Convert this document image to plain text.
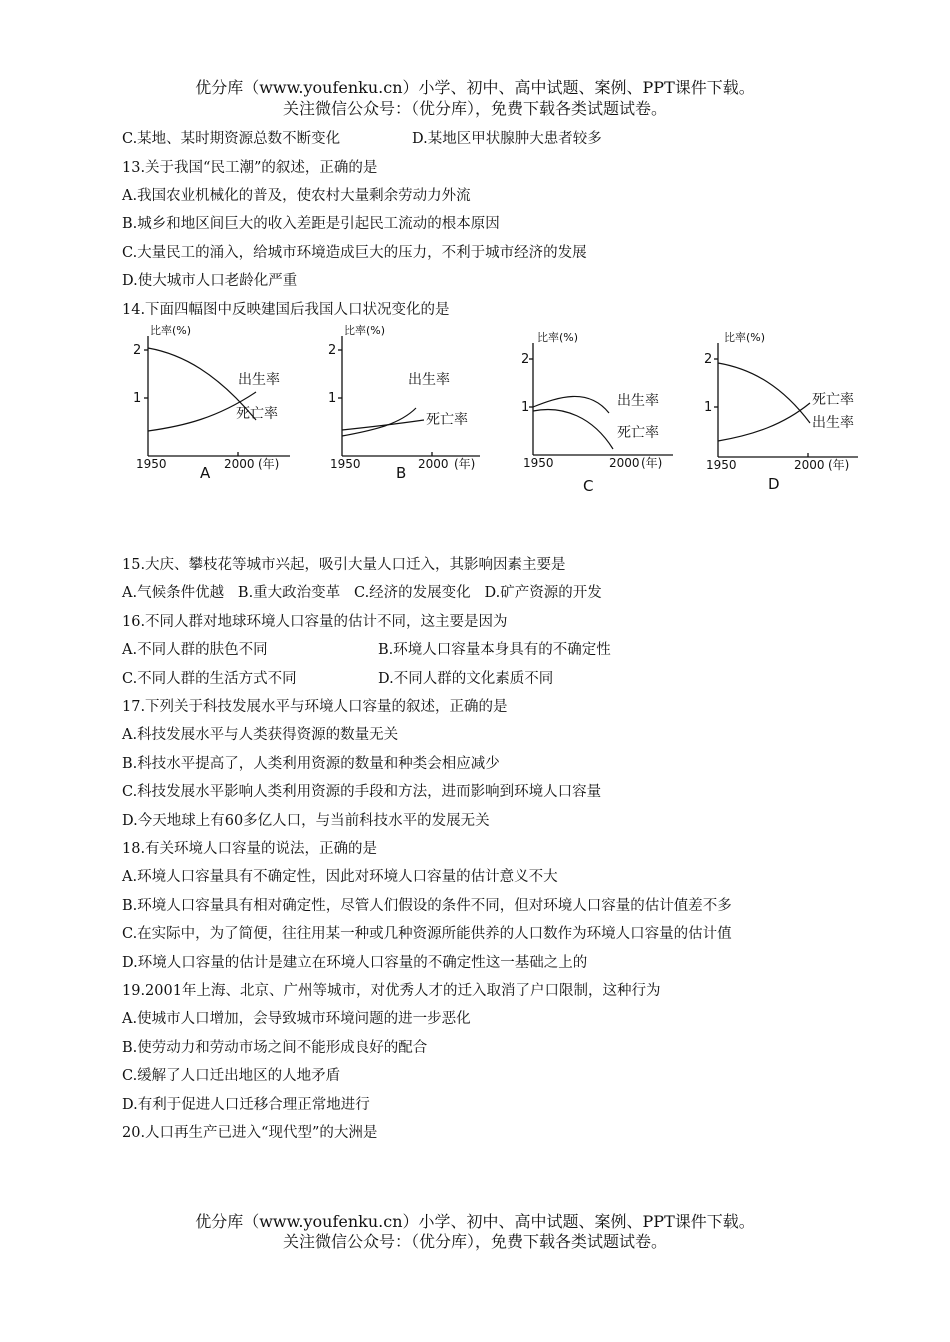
优分库（www.youfenku.cn）小学、初中、高中试题、案例、PPT课件下载。
关注微信公众号：（优分库），免费下载各类试题试卷。
C.某地、某时期资源总数不断变化	D.某地区甲状腺肿大患者较多
13.关于我国“民工潮”的叙述，正确的是
A.我国农业机械化的普及，使农村大量剩余劳动力外流
B.城乡和地区间巨大的收入差距是引起民工流动的根本原因
C.大量民工的涌入，给城市环境造成巨大的压力，不利于城市经济的发展
D.使大城市人口老龄化严重
14.下面四幅图中反映建国后我国人口状况变化的是
比率(%)
2
1
1950	2000 (年)
出生率
死亡率
A
比率(%)
2
1
1950	2000 (年)
出生率
死亡率
B
比率(%)
2
1
1950	2000 (年)
出生率
死亡率
C
比率(%)
2
1
1950	2000 (年)
死亡率
出生率
D
15.大庆、攀枝花等城市兴起，吸引大量人口迁入，其影响因素主要是
A.气候条件优越   B.重大政治变革   C.经济的发展变化   D.矿产资源的开发
16.不同人群对地球环境人口容量的估计不同，这主要是因为
A.不同人群的肤色不同	B.环境人口容量本身具有的不确定性
C.不同人群的生活方式不同	D.不同人群的文化素质不同
17.下列关于科技发展水平与环境人口容量的叙述，正确的是
A.科技发展水平与人类获得资源的数量无关
B.科技水平提高了，人类利用资源的数量和种类会相应减少
C.科技发展水平影响人类利用资源的手段和方法，进而影响到环境人口容量
D.今天地球上有60多亿人口，与当前科技水平的发展无关
18.有关环境人口容量的说法，正确的是
A.环境人口容量具有不确定性，因此对环境人口容量的估计意义不大
B.环境人口容量具有相对确定性，尽管人们假设的条件不同，但对环境人口容量的估计值差不多
C.在实际中，为了简便，往往用某一种或几种资源所能供养的人口数作为环境人口容量的估计值
D.环境人口容量的估计是建立在环境人口容量的不确定性这一基础之上的
19.2001年上海、北京、广州等城市，对优秀人才的迁入取消了户口限制，这种行为
A.使城市人口增加，会导致城市环境问题的进一步恶化
B.使劳动力和劳动市场之间不能形成良好的配合
C.缓解了人口迁出地区的人地矛盾
D.有利于促进人口迁移合理正常地进行
20.人口再生产已进入“现代型”的大洲是
优分库（www.youfenku.cn）小学、初中、高中试题、案例、PPT课件下载。
关注微信公众号：（优分库），免费下载各类试题试卷。
